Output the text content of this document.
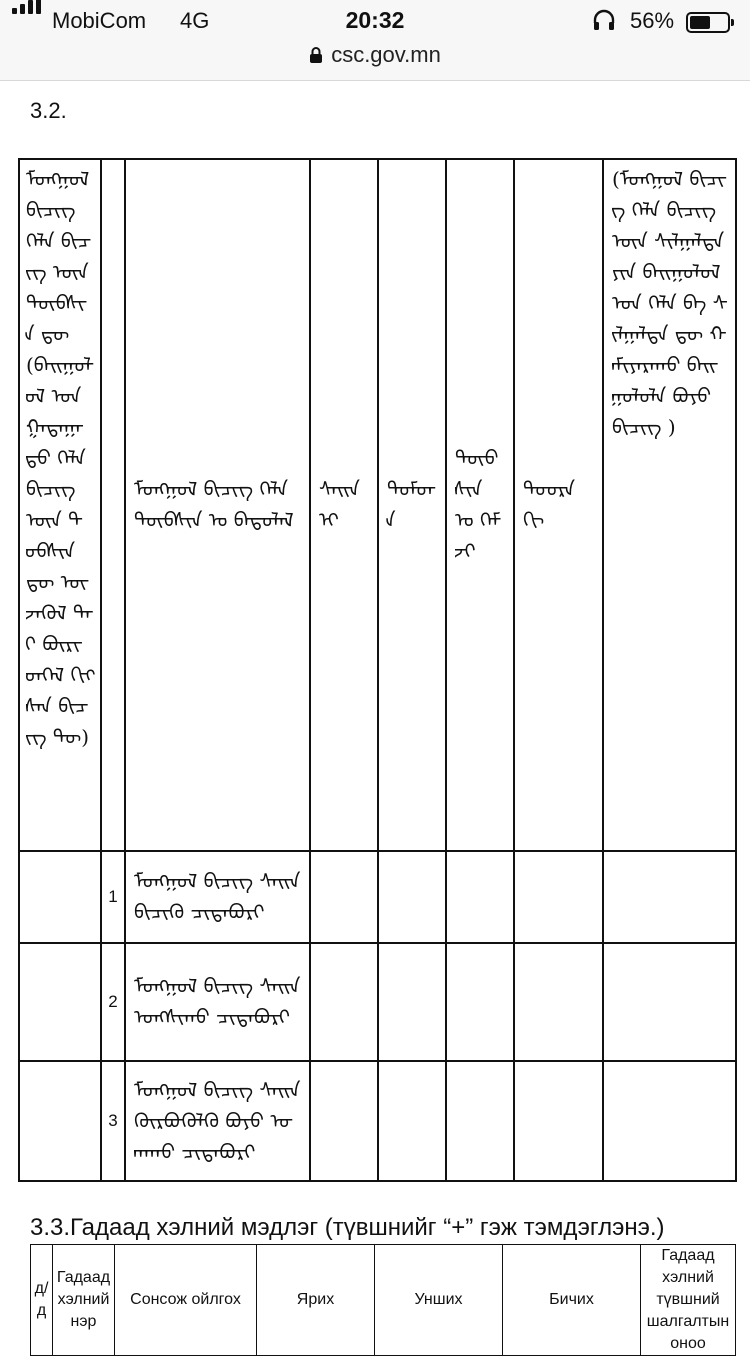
MobiCom 4G	20:32	56%
csc.gov.mn
3.2.
ᠮᠣᠩᠭᠣᠯ ᠪᠢᠴᠢᠭ ᠬᠡᠯᠡ ᠪᠢᠴᠢᠭ᠌ ᠦᠨ ᠲᠦᠪᠰᠢᠨ ᠳᠦ (ᠪᠠᠢᠭᠤᠯᠤᠯ ᠤᠨ ᠭᠠᠳᠠᠭᠠᠳᠤ ᠬᠡᠯᠡ ᠪᠢᠴᠢᠭ ᠦᠨ ᠲᠦᠪᠰᠢᠨ ᠳᠦ ᠦᠵᠡᠭᠦᠯ ᠲᠠᠢ ᠪᠦᠷᠢᠳᠬᠡᠯ ᠬᠢᠭᠰᠡᠨ ᠪᠢᠴᠢᠭ᠌ ᠲᠦ)		ᠮᠣᠩᠭᠣᠯ ᠪᠢᠴᠢᠭ ᠬᠡᠯᠡ ᠲᠦᠪᠰᠢᠨ ᠤ ᠪᠠᠲᠤᠯᠠᠯ	ᠰᠠᠢᠨ ᠢ	ᠳᠤᠮᠳᠠ	ᠲᠦᠪᠰᠢᠨ ᠤ ᠬᠡᠮᠵᠢ	ᠳᠣᠣᠷᠠ ᠬᠢ	(ᠮᠣᠩᠭᠣᠯ ᠪᠢᠴᠢᠭ ᠬᠡᠯᠡ ᠪᠢᠴᠢᠭ ᠦᠨ ᠰᠢᠯᠭᠠᠯᠲᠠ ᠶᠢᠨ ᠪᠠᠢᠭᠤᠯᠤᠯ ᠤᠨ ᠬᠡᠯᠡ ᠪᠡ ᠰᠢᠯᠭᠠᠯᠲᠠ ᠳᠦ ᠬᠠᠮᠢᠶᠠᠷᠠᠬᠤ ᠪᠠᠢᠭᠤᠯᠤᠯᠠ ᠪᠤᠶᠤ ᠪᠢᠴᠢᠭ᠌ )
	1	ᠮᠣᠩᠭᠣᠯ ᠪᠢᠴᠢᠭ ᠰᠠᠢᠨ ᠪᠢᠴᠢᠬᠦ ᠴᠢᠳᠠᠪᠤᠷᠢ					
	2	ᠮᠣᠩᠭᠣᠯ ᠪᠢᠴᠢᠭ ᠰᠠᠢᠨ ᠤᠩᠰᠢᠬᠤ ᠴᠢᠳᠠᠪᠤᠷᠢ					
	3	ᠮᠣᠩᠭᠣᠯ ᠪᠢᠴᠢᠭ ᠰᠠᠢᠨ ᠬᠥᠷᠪᠦᠭᠦᠯᠬᠦ ᠪᠤᠶᠤ ᠤᠬᠠᠬᠤ ᠴᠢᠳᠠᠪᠤᠷᠢ					
3.3.Гадаад хэлний мэдлэг (түвшнийг “+” гэж тэмдэглэнэ.)
д/д	Гадаад хэлний нэр	Сонсож ойлгох	Ярих	Унших	Бичих	Гадаад хэлний түвшний шалгалтын оноо
